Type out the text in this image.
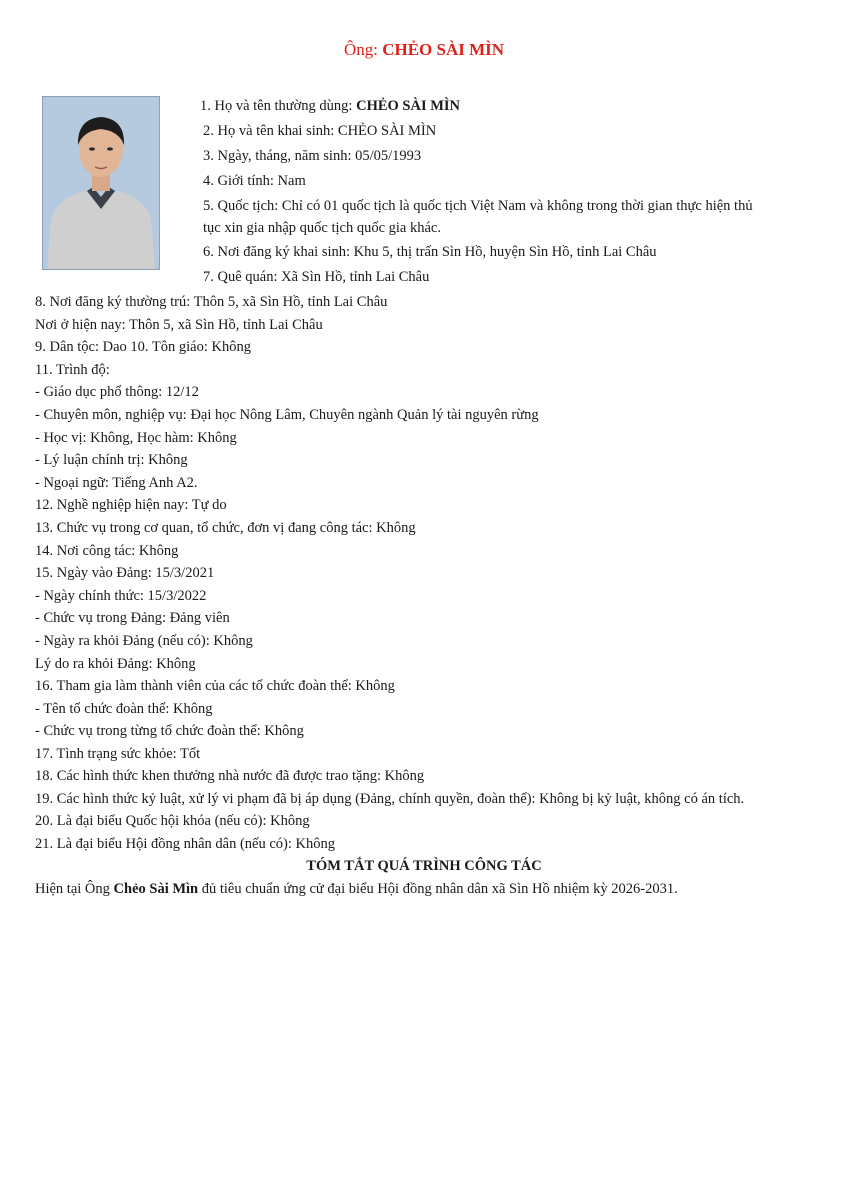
Ông: CHẺO SÀI MÌN
1. Họ và tên thường dùng: CHẺO SÀI MÌN
2. Họ và tên khai sinh: CHẺO SÀI MÌN
3. Ngày, tháng, năm sinh: 05/05/1993
4. Giới tính: Nam
5. Quốc tịch: Chỉ có 01 quốc tịch là quốc tịch Việt Nam và không trong thời gian thực hiện thủ tục xin gia nhập quốc tịch quốc gia khác.
6. Nơi đăng ký khai sinh: Khu 5, thị trấn Sìn Hồ, huyện Sìn Hồ, tỉnh Lai Châu
7. Quê quán: Xã Sìn Hồ, tỉnh Lai Châu
8. Nơi đăng ký thường trú: Thôn 5, xã Sìn Hồ, tỉnh Lai Châu
Nơi ở hiện nay: Thôn 5, xã Sìn Hồ, tỉnh Lai Châu
9. Dân tộc: Dao 10. Tôn giáo: Không
11. Trình độ:
- Giáo dục phổ thông: 12/12
- Chuyên môn, nghiệp vụ: Đại học Nông Lâm, Chuyên ngành Quản lý tài nguyên rừng
- Học vị: Không, Học hàm: Không
- Lý luận chính trị: Không
- Ngoại ngữ: Tiếng Anh A2.
12. Nghề nghiệp hiện nay: Tự do
13. Chức vụ trong cơ quan, tổ chức, đơn vị đang công tác: Không
14. Nơi công tác: Không
15. Ngày vào Đảng: 15/3/2021
- Ngày chính thức: 15/3/2022
- Chức vụ trong Đảng: Đảng viên
- Ngày ra khỏi Đảng (nếu có): Không
Lý do ra khỏi Đảng: Không
16. Tham gia làm thành viên của các tổ chức đoàn thể: Không
- Tên tổ chức đoàn thể: Không
- Chức vụ trong từng tổ chức đoàn thể: Không
17. Tình trạng sức khỏe: Tốt
18. Các hình thức khen thưởng nhà nước đã được trao tặng: Không
19. Các hình thức kỷ luật, xử lý vi phạm đã bị áp dụng (Đảng, chính quyền, đoàn thể): Không bị kỷ luật, không có án tích.
20. Là đại biểu Quốc hội khóa (nếu có): Không
21. Là đại biểu Hội đồng nhân dân (nếu có): Không
TÓM TẮT QUÁ TRÌNH CÔNG TÁC
Hiện tại Ông Chẻo Sài Mìn đủ tiêu chuẩn ứng cử đại biểu Hội đồng nhân dân xã Sìn Hồ nhiệm kỳ 2026-2031.
